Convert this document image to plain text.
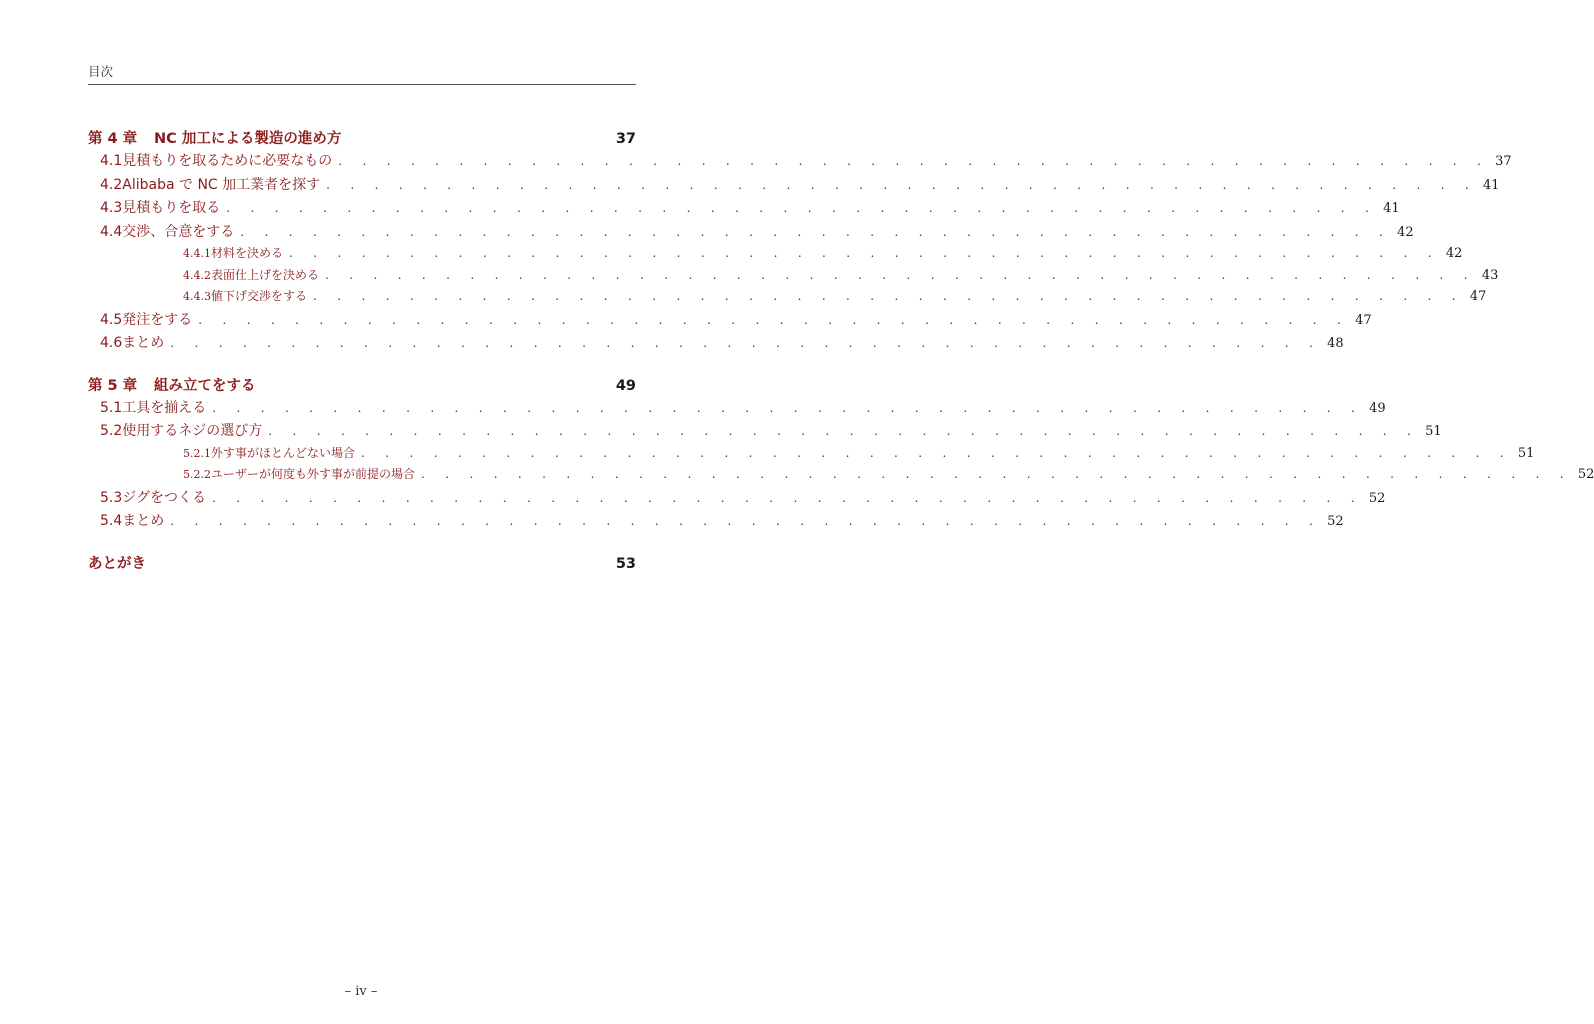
目次
第 4 章	NC 加工による製造の進め方	37
4.1 見積もりを取るために必要なもの . . . . . . . . . . . . . . . . . . . . . . . . . . . . . . . . . . . . . . . . . . . . . . . . 37
4.2 Alibaba で NC 加工業者を探す . . . . . . . . . . . . . . . . . . . . . . . . . . . . . . . . . . . . . . . . . . . . . . . . 41
4.3 見積もりを取る . . . . . . . . . . . . . . . . . . . . . . . . . . . . . . . . . . . . . . . . . . . . . . . . 41
4.4 交渉、合意をする . . . . . . . . . . . . . . . . . . . . . . . . . . . . . . . . . . . . . . . . . . . . . . . . 42
4.4.1 材料を決める . . . . . . . . . . . . . . . . . . . . . . . . . . . . . . . . . . . . . . . . . . . . . . . . 42
4.4.2 表面仕上げを決める . . . . . . . . . . . . . . . . . . . . . . . . . . . . . . . . . . . . . . . . . . . . . . . . 43
4.4.3 値下げ交渉をする . . . . . . . . . . . . . . . . . . . . . . . . . . . . . . . . . . . . . . . . . . . . . . . . 47
4.5 発注をする . . . . . . . . . . . . . . . . . . . . . . . . . . . . . . . . . . . . . . . . . . . . . . . . 47
4.6 まとめ . . . . . . . . . . . . . . . . . . . . . . . . . . . . . . . . . . . . . . . . . . . . . . . . 48
第 5 章	組み立てをする	49
5.1 工具を揃える . . . . . . . . . . . . . . . . . . . . . . . . . . . . . . . . . . . . . . . . . . . . . . . . 49
5.2 使用するネジの選び方 . . . . . . . . . . . . . . . . . . . . . . . . . . . . . . . . . . . . . . . . . . . . . . . . 51
5.2.1 外す事がほとんどない場合 . . . . . . . . . . . . . . . . . . . . . . . . . . . . . . . . . . . . . . . . . . . . . . . . 51
5.2.2 ユーザーが何度も外す事が前提の場合 . . . . . . . . . . . . . . . . . . . . . . . . . . . . . . . . . . . . . . . . . . . . . . . . 52
5.3 ジグをつくる . . . . . . . . . . . . . . . . . . . . . . . . . . . . . . . . . . . . . . . . . . . . . . . . 52
5.4 まとめ . . . . . . . . . . . . . . . . . . . . . . . . . . . . . . . . . . . . . . . . . . . . . . . . 52
あとがき	53
– iv –
